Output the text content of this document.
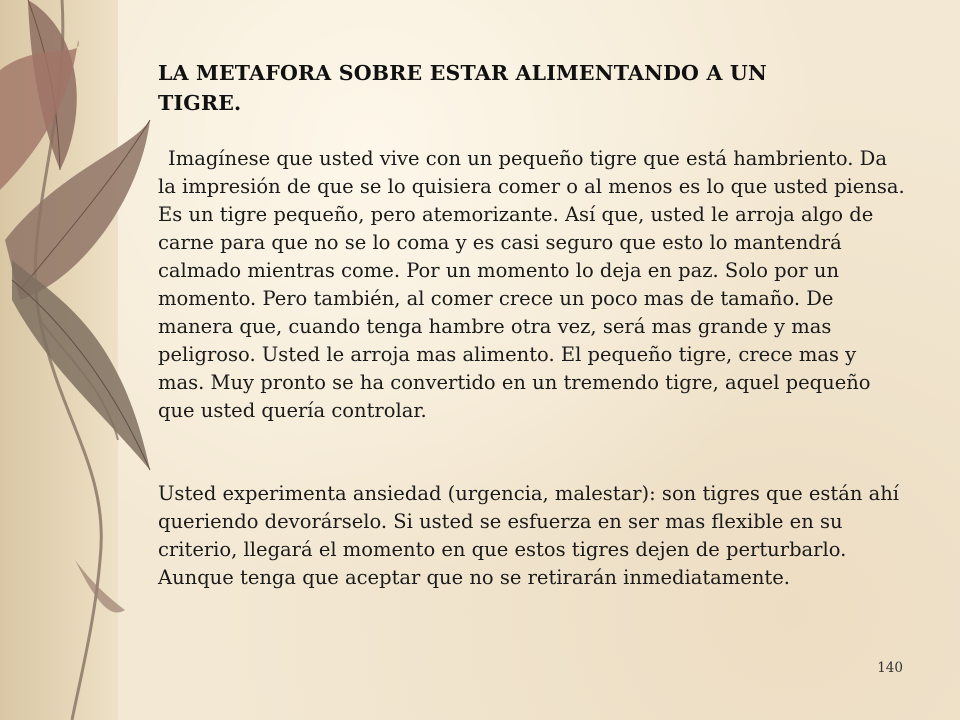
LA METAFORA SOBRE ESTAR ALIMENTANDO A UN TIGRE.

Imagínese que usted vive con un pequeño tigre que está hambriento. Da la impresión de que se lo quisiera comer o al menos es lo que usted piensa. Es un tigre pequeño, pero atemorizante. Así que, usted le arroja algo de carne para que no se lo coma y es casi seguro que esto lo mantendrá calmado mientras come. Por un momento lo deja en paz. Solo por un momento. Pero también, al comer crece un poco mas de tamaño. De manera que, cuando tenga hambre otra vez, será mas grande y mas peligroso. Usted le arroja mas alimento. El pequeño tigre, crece mas y mas. Muy pronto se ha convertido en un tremendo tigre, aquel pequeño que usted quería controlar.

Usted experimenta ansiedad (urgencia, malestar): son tigres que están ahí queriendo devorárselo. Si usted se esfuerza en ser mas flexible en su criterio, llegará el momento en que estos tigres dejen de perturbarlo. Aunque tenga que aceptar que no se retirarán inmediatamente.

140
